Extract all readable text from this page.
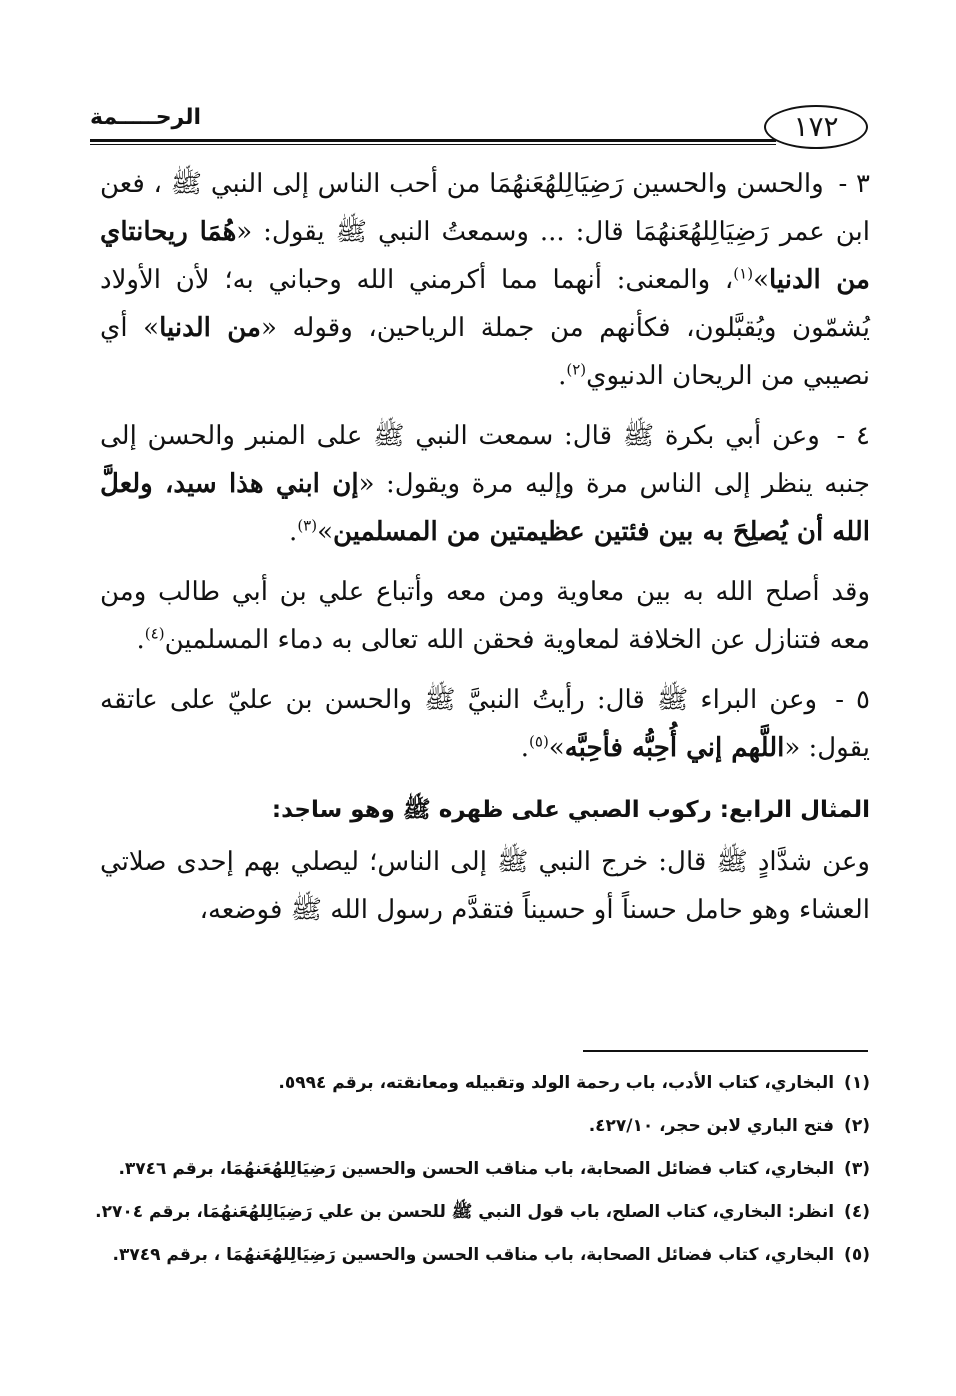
١٧٢
الرحـــــمة

٣ - والحسن والحسين رَضِيَالِلهُعَنهُمَا من أحب الناس إلى النبي ﷺ ، فعن ابن عمر رَضِيَالِلهُعَنهُمَا قال: ... وسمعتُ النبي ﷺ يقول: «هُمَا ريحانتاي من الدنيا»$^{(١)}$، والمعنى: أنهما مما أكرمني الله وحباني به؛ لأن الأولاد يُشمّون ويُقبَّلون، فكأنهم من جملة الرياحين، وقوله «من الدنيا» أي نصيبي من الريحان الدنيوي$^{(٢)}$.

٤ - وعن أبي بكرة ﷺ قال: سمعت النبي ﷺ على المنبر والحسن إلى جنبه ينظر إلى الناس مرة وإليه مرة ويقول: «إن ابني هذا سيد، ولعلَّ الله أن يُصلِحَ به بين فئتين عظيمتين من المسلمين»$^{(٣)}$.

وقد أصلح الله به بين معاوية ومن معه وأتباع علي بن أبي طالب ومن معه فتنازل عن الخلافة لمعاوية فحقن الله تعالى به دماء المسلمين$^{(٤)}$.

٥ - وعن البراء ﷺ قال: رأيتُ النبيَّ ﷺ والحسن بن عليّ على عاتقه يقول: «اللَّهم إني أُحِبُّه فأحِبَّه»$^{(٥)}$.

المثال الرابع: ركوب الصبي على ظهره ﷺ وهو ساجد:

وعن شدَّادٍ ﷺ قال: خرج النبي ﷺ إلى الناس؛ ليصلي بهم إحدى صلاتي العشاء وهو حامل حسناً أو حسيناً فتقدَّم رسول الله ﷺ فوضعه،

(١)البخاري، كتاب الأدب، باب رحمة الولد وتقبيله ومعانقته، برقم ٥٩٩٤.
(٢)فتح الباري لابن حجر، ٤٢٧/١٠.
(٣)البخاري، كتاب فضائل الصحابة، باب مناقب الحسن والحسين رَضِيَالِلهُعَنهُمَا، برقم ٣٧٤٦.
(٤)انظر: البخاري، كتاب الصلح، باب قول النبي ﷺ للحسن بن علي رَضِيَالِلهُعَنهُمَا، برقم ٢٧٠٤.
(٥)البخاري، كتاب فضائل الصحابة، باب مناقب الحسن والحسين رَضِيَالِلهُعَنهُمَا ، برقم ٣٧٤٩.
